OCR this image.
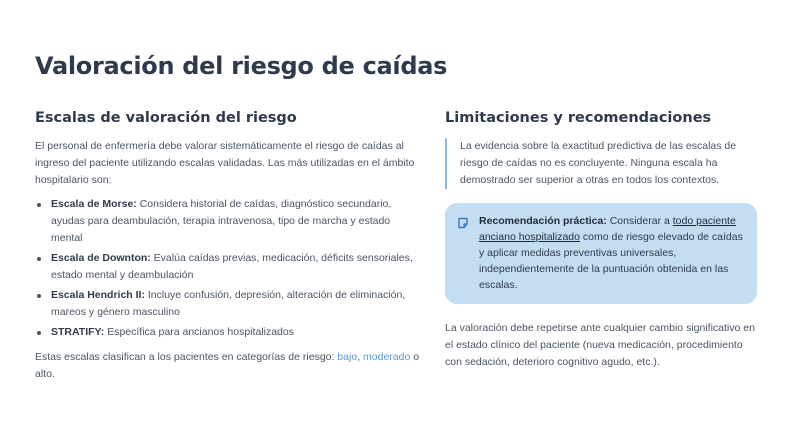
Valoración del riesgo de caídas
Escalas de valoración del riesgo

El personal de enfermería debe valorar sistemáticamente el riesgo de caídas al ingreso del paciente utilizando escalas validadas. Las más utilizadas en el ámbito hospitalario son:

Escala de Morse: Considera historial de caídas, diagnóstico secundario, ayudas para deambulación, terapia intravenosa, tipo de marcha y estado mental
Escala de Downton: Evalúa caídas previas, medicación, déficits sensoriales, estado mental y deambulación
Escala Hendrich II: Incluye confusión, depresión, alteración de eliminación, mareos y género masculino
STRATIFY: Específica para ancianos hospitalizados

Estas escalas clasifican a los pacientes en categorías de riesgo: bajo, moderado o alto.

Limitaciones y recomendaciones

La evidencia sobre la exactitud predictiva de las escalas de riesgo de caídas no es concluyente. Ninguna escala ha demostrado ser superior a otras en todos los contextos.

Recomendación práctica: Considerar a todo paciente anciano hospitalizado como de riesgo elevado de caídas y aplicar medidas preventivas universales, independientemente de la puntuación obtenida en las escalas.

La valoración debe repetirse ante cualquier cambio significativo en el estado clínico del paciente (nueva medicación, procedimiento con sedación, deterioro cognitivo agudo, etc.).
